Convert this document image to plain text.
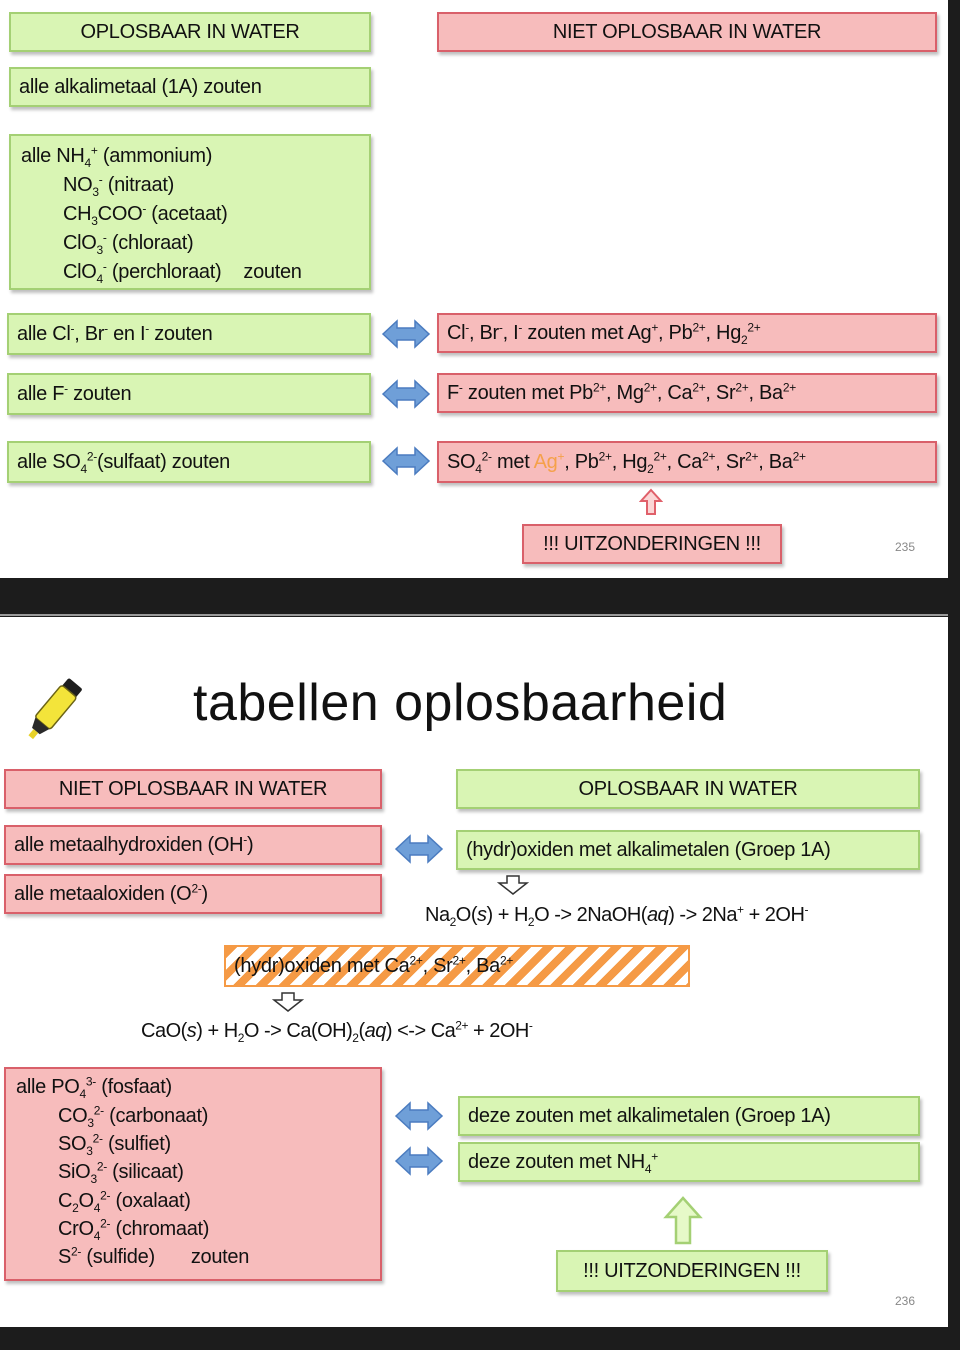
OPLOSBAAR IN WATER	NIET OPLOSBAAR IN WATER
alle alkalimetaal (1A) zouten
alle $NH_4^+$ (ammonium)
$NO_3^-$ (nitraat)
$CH_3COO^-$ (acetaat)
ClO$_3$- (chloraat)
ClO$_4$- (perchloraat) zouten
alle Cl-, Br- en I- zouten	Cl-, Br-, I- zouten met Ag+, $Pb^{2+}$, $Hg_2^{2+}$
alle F- zouten	F- zouten met $Pb^{2+}$, $Mg^{2+}$, $Ca^{2+}$, $Sr^{2+}$, $Ba^{2+}$
alle $SO_4^{2-}(sulfaat)$ zouten	$SO_4^{2-}$ met Ag+, $Pb^{2+}$, $Hg_2^{2+}$, $Ca^{2+}$, $Sr^{2+}$, $Ba^{2+}$
!!! UITZONDERINGEN !!!	235
tabellen oplosbaarheid
NIET OPLOSBAAR IN WATER	OPLOSBAAR IN WATER
alle metaalhydroxiden (OH-)
alle metaaloxiden $(O^{2-})$
(hydr)oxiden met alkalimetalen (Groep 1A)
$Na_2O(s) + H_2O$ -> 2NaOH(aq) -> 2Na+ + 2OH-
(hydr)oxiden met $Ca^{2+}$, $Sr^{2+}$, $Ba^{2+}$
$CaO(s) + H_2O -> Ca(OH)_2(aq)$ <-> $Ca^{2+} + 2OH^-$
alle $PO_4^{3-}$ (fosfaat)
$CO_3^{2-}$ (carbonaat)
$SO_3^{2-}$ (sulfiet)
SiO$_3^{2-}$ (silicaat)
$C_2O_4^{2-}$ (oxalaat)
CrO$_4^{2-}$ (chromaat)
$S^{2-}$ (sulfide) zouten
deze zouten met alkalimetalen (Groep 1A)
deze zouten met $NH_4^+$
!!! UITZONDERINGEN !!!
236
